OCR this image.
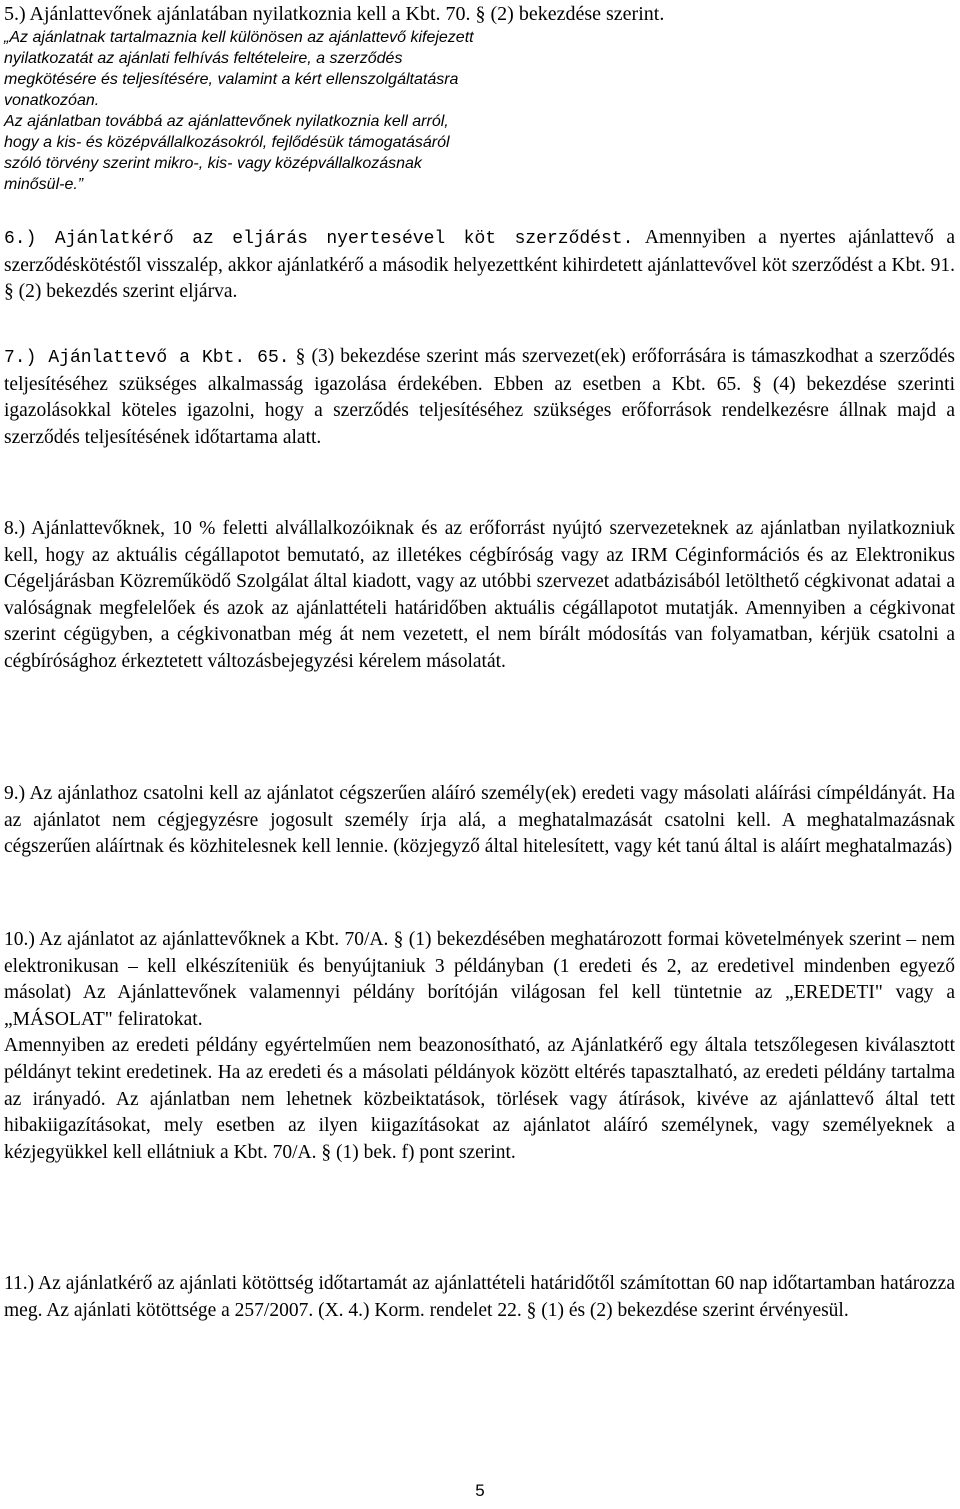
5.) Ajánlattevőnek ajánlatában nyilatkoznia kell a Kbt. 70. § (2) bekezdése szerint.

„Az ajánlatnak tartalmaznia kell különösen az ajánlattevő kifejezett nyilatkozatát az ajánlati felhívás feltételeire, a szerződés megkötésére és teljesítésére, valamint a kért ellenszolgáltatásra vonatkozóan.

Az ajánlatban továbbá az ajánlattevőnek nyilatkoznia kell arról, hogy a kis- és középvállalkozásokról, fejlődésük támogatásáról szóló törvény szerint mikro-, kis- vagy középvállalkozásnak minősül-e.”

6.) Ajánlatkérő az eljárás nyertesével köt szerződést. Amennyiben a nyertes ajánlattevő a szerződéskötéstől visszalép, akkor ajánlatkérő a második helyezettként kihirdetett ajánlattevővel köt szerződést a Kbt. 91. § (2) bekezdés szerint eljárva.

7.) Ajánlattevő a Kbt. 65. § (3) bekezdése szerint más szervezet(ek) erőforrására is támaszkodhat a szerződés teljesítéséhez szükséges alkalmasság igazolása érdekében. Ebben az esetben a Kbt. 65. § (4) bekezdése szerinti igazolásokkal köteles igazolni, hogy a szerződés teljesítéséhez szükséges erőforrások rendelkezésre állnak majd a szerződés teljesítésének időtartama alatt.

8.) Ajánlattevőknek, 10 % feletti alvállalkozóiknak és az erőforrást nyújtó szervezeteknek az ajánlatban nyilatkozniuk kell, hogy az aktuális cégállapotot bemutató, az illetékes cégbíróság vagy az IRM Céginformációs és az Elektronikus Cégeljárásban Közreműködő Szolgálat által kiadott, vagy az utóbbi szervezet adatbázisából letölthető cégkivonat adatai a valóságnak megfelelőek és azok az ajánlattételi határidőben aktuális cégállapotot mutatják. Amennyiben a cégkivonat szerint cégügyben, a cégkivonatban még át nem vezetett, el nem bírált módosítás van folyamatban, kérjük csatolni a cégbírósághoz érkeztetett változásbejegyzési kérelem másolatát.

9.) Az ajánlathoz csatolni kell az ajánlatot cégszerűen aláíró személy(ek) eredeti vagy másolati aláírási címpéldányát. Ha az ajánlatot nem cégjegyzésre jogosult személy írja alá, a meghatalmazását csatolni kell. A meghatalmazásnak cégszerűen aláírtnak és közhitelesnek kell lennie. (közjegyző által hitelesített, vagy két tanú által is aláírt meghatalmazás)

10.) Az ajánlatot az ajánlattevőknek a Kbt. 70/A. § (1) bekezdésében meghatározott formai követelmények szerint – nem elektronikusan – kell elkészíteniük és benyújtaniuk 3 példányban (1 eredeti és 2, az eredetivel mindenben egyező másolat) Az Ajánlattevőnek valamennyi példány borítóján világosan fel kell tüntetnie az „EREDETI" vagy a „MÁSOLAT" feliratokat.

Amennyiben az eredeti példány egyértelműen nem beazonosítható, az Ajánlatkérő egy általa tetszőlegesen kiválasztott példányt tekint eredetinek. Ha az eredeti és a másolati példányok között eltérés tapasztalható, az eredeti példány tartalma az irányadó. Az ajánlatban nem lehetnek közbeiktatások, törlések vagy átírások, kivéve az ajánlattevő által tett hibakiigazításokat, mely esetben az ilyen kiigazításokat az ajánlatot aláíró személynek, vagy személyeknek a kézjegyükkel kell ellátniuk a Kbt. 70/A. § (1) bek. f) pont szerint.

11.) Az ajánlatkérő az ajánlati kötöttség időtartamát az ajánlattételi határidőtől számítottan 60 nap időtartamban határozza meg. Az ajánlati kötöttsége a 257/2007. (X. 4.) Korm. rendelet 22. § (1) és (2) bekezdése szerint érvényesül.

5
